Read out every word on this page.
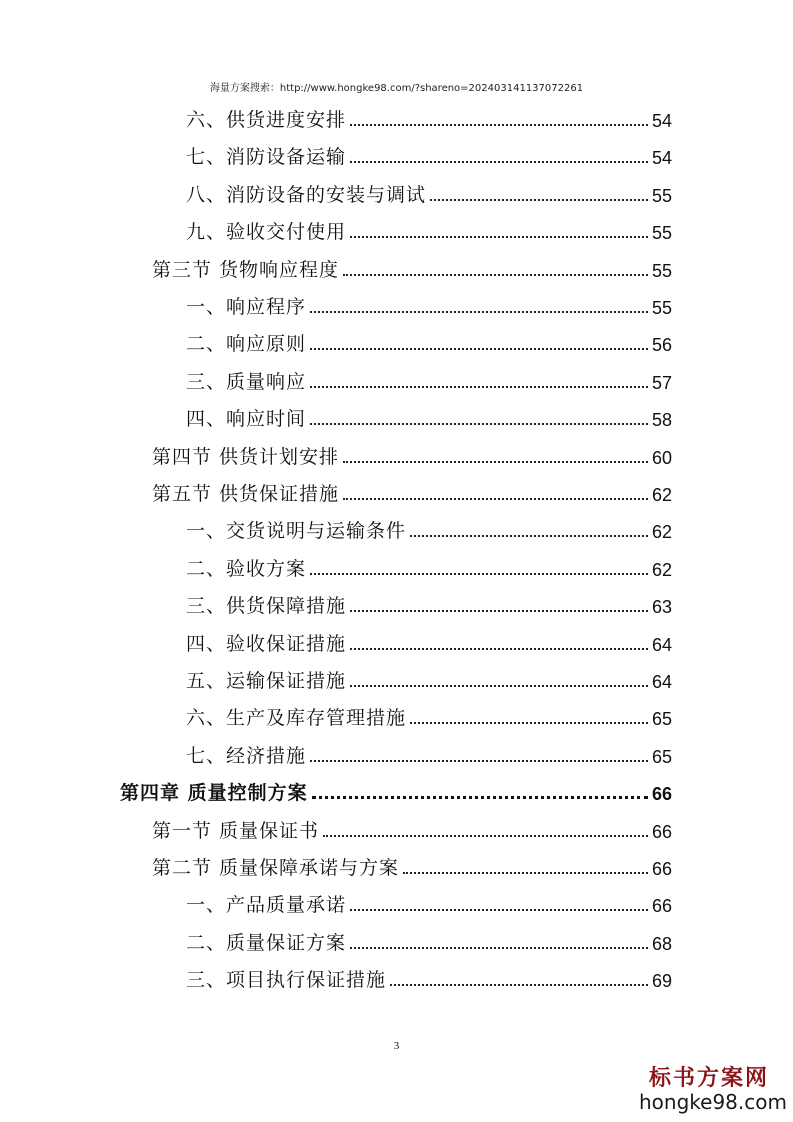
海量方案搜索：http://www.hongke98.com/?shareno=20240314113707226​1
六、供货进度安排	54
七、消防设备运输	54
八、消防设备的安装与调试	55
九、验收交付使用	55
第三节 货物响应程度	55
一、响应程序	55
二、响应原则	56
三、质量响应	57
四、响应时间	58
第四节 供货计划安排	60
第五节 供货保证措施	62
一、交货说明与运输条件	62
二、验收方案	62
三、供货保障措施	63
四、验收保证措施	64
五、运输保证措施	64
六、生产及库存管理措施	65
七、经济措施	65
第四章 质量控制方案	66
第一节 质量保证书	66
第二节 质量保障承诺与方案	66
一、产品质量承诺	66
二、质量保证方案	68
三、项目执行保证措施	69
3
标书方案网
hongke98.com
